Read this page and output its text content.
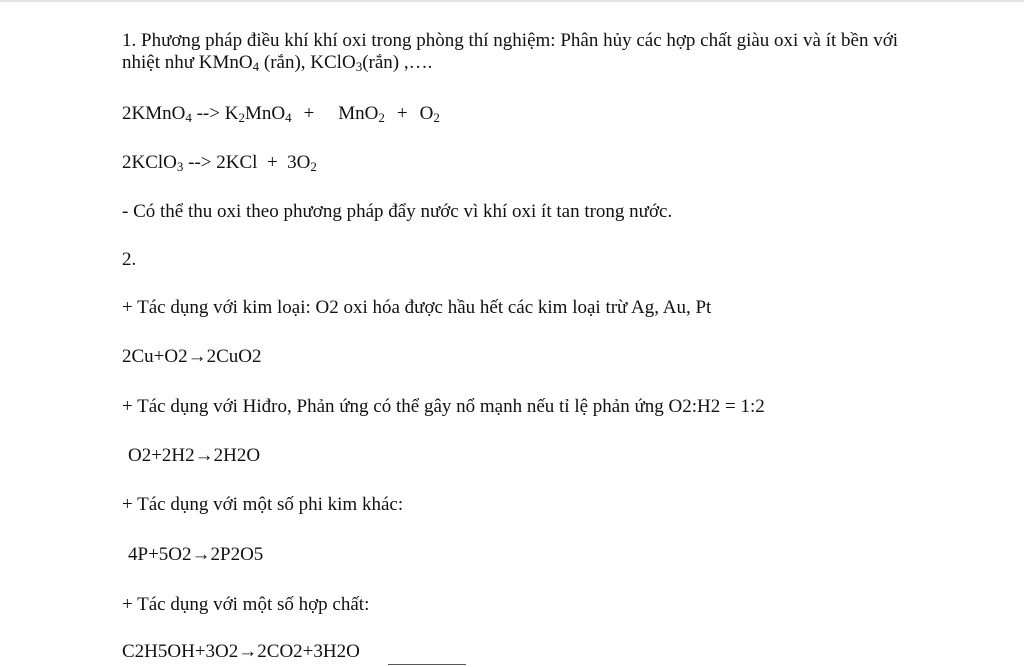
1. Phương pháp điều khí khí oxi trong phòng thí nghiệm: Phân hủy các hợp chất giàu oxi và ít bền với nhiệt như KMnO4 (rắn), KClO3(rắn) ,….
2KMnO4 --> K2MnO4 + MnO2 + O2
2KClO3 --> 2KCl  +  3O2
- Có thể thu oxi theo phương pháp đẩy nước vì khí oxi ít tan trong nước.
2.
+ Tác dụng với kim loại: O2 oxi hóa được hầu hết các kim loại trừ Ag, Au, Pt
2Cu+O2→2CuO2
+ Tác dụng với Hiđro, Phản ứng có thể gây nổ mạnh nếu tỉ lệ phản ứng O2:H2 = 1:2
O2+2H2→2H2O
+ Tác dụng với một số phi kim khác:
4P+5O2→2P2O5
+ Tác dụng với một số hợp chất:
C2H5OH+3O2→2CO2+3H2O
